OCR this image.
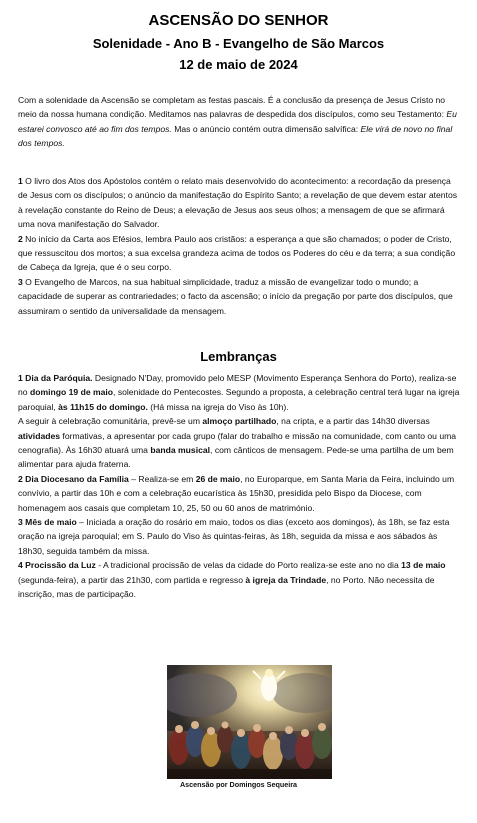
ASCENSÃO DO SENHOR
Solenidade - Ano B - Evangelho de São Marcos
12 de maio de 2024

Com a solenidade da Ascensão se completam as festas pascais. É a conclusão da presença de Jesus Cristo no meio da nossa humana condição. Meditamos nas palavras de despedida dos discípulos, como seu Testamento: Eu estarei convosco até ao fim dos tempos. Mas o anúncio contém outra dimensão salvífica: Ele virá de novo no final dos tempos.

1 O livro dos Atos dos Apóstolos contém o relato mais desenvolvido do acontecimento: a recordação da presença de Jesus com os discípulos; o anúncio da manifestação do Espírito Santo; a revelação de que devem estar atentos à revelação constante do Reino de Deus; a elevação de Jesus aos seus olhos; a mensagem de que se afirmará uma nova manifestação do Salvador.

2 No início da Carta aos Efésios, lembra Paulo aos cristãos: a esperança a que são chamados; o poder de Cristo, que ressuscitou dos mortos; a sua excelsa grandeza acima de todos os Poderes do céu e da terra; a sua condição de Cabeça da Igreja, que é o seu corpo.

3 O Evangelho de Marcos, na sua habitual simplicidade, traduz a missão de evangelizar todo o mundo; a capacidade de superar as contrariedades; o facto da ascensão; o início da pregação por parte dos discípulos, que assumiram o sentido da universalidade da mensagem.

Lembranças

1 Dia da Paróquia. Designado N'Day, promovido pelo MESP (Movimento Esperança Senhora do Porto), realiza-se no domingo 19 de maio, solenidade do Pentecostes. Segundo a proposta, a celebração central terá lugar na igreja paroquial, às 11h15 do domingo. (Há missa na igreja do Viso às 10h).

A seguir à celebração comunitária, prevê-se um almoço partilhado, na cripta, e a partir das 14h30 diversas atividades formativas, a apresentar por cada grupo (falar do trabalho e missão na comunidade, com canto ou uma cenografia). Às 16h30 atuará uma banda musical, com cânticos de mensagem. Pede-se uma partilha de um bem alimentar para ajuda fraterna.

2 Dia Diocesano da Família – Realiza-se em 26 de maio, no Europarque, em Santa Maria da Feira, incluindo um convívio, a partir das 10h e com a celebração eucarística às 15h30, presidida pelo Bispo da Diocese, com homenagem aos casais que completam 10, 25, 50 ou 60 anos de matrimónio.

3 Mês de maio – Iniciada a oração do rosário em maio, todos os dias (exceto aos domingos), às 18h, se faz esta oração na igreja paroquial; em S. Paulo do Viso às quintas-feiras, às 18h, seguida da missa e aos sábados às 18h30, seguida também da missa.

4 Procissão da Luz - A tradicional procissão de velas da cidade do Porto realiza-se este ano no dia 13 de maio (segunda-feira), a partir das 21h30, com partida e regresso à igreja da Trindade, no Porto. Não necessita de inscrição, mas de participação.

Ascensão por Domingos Sequeira
